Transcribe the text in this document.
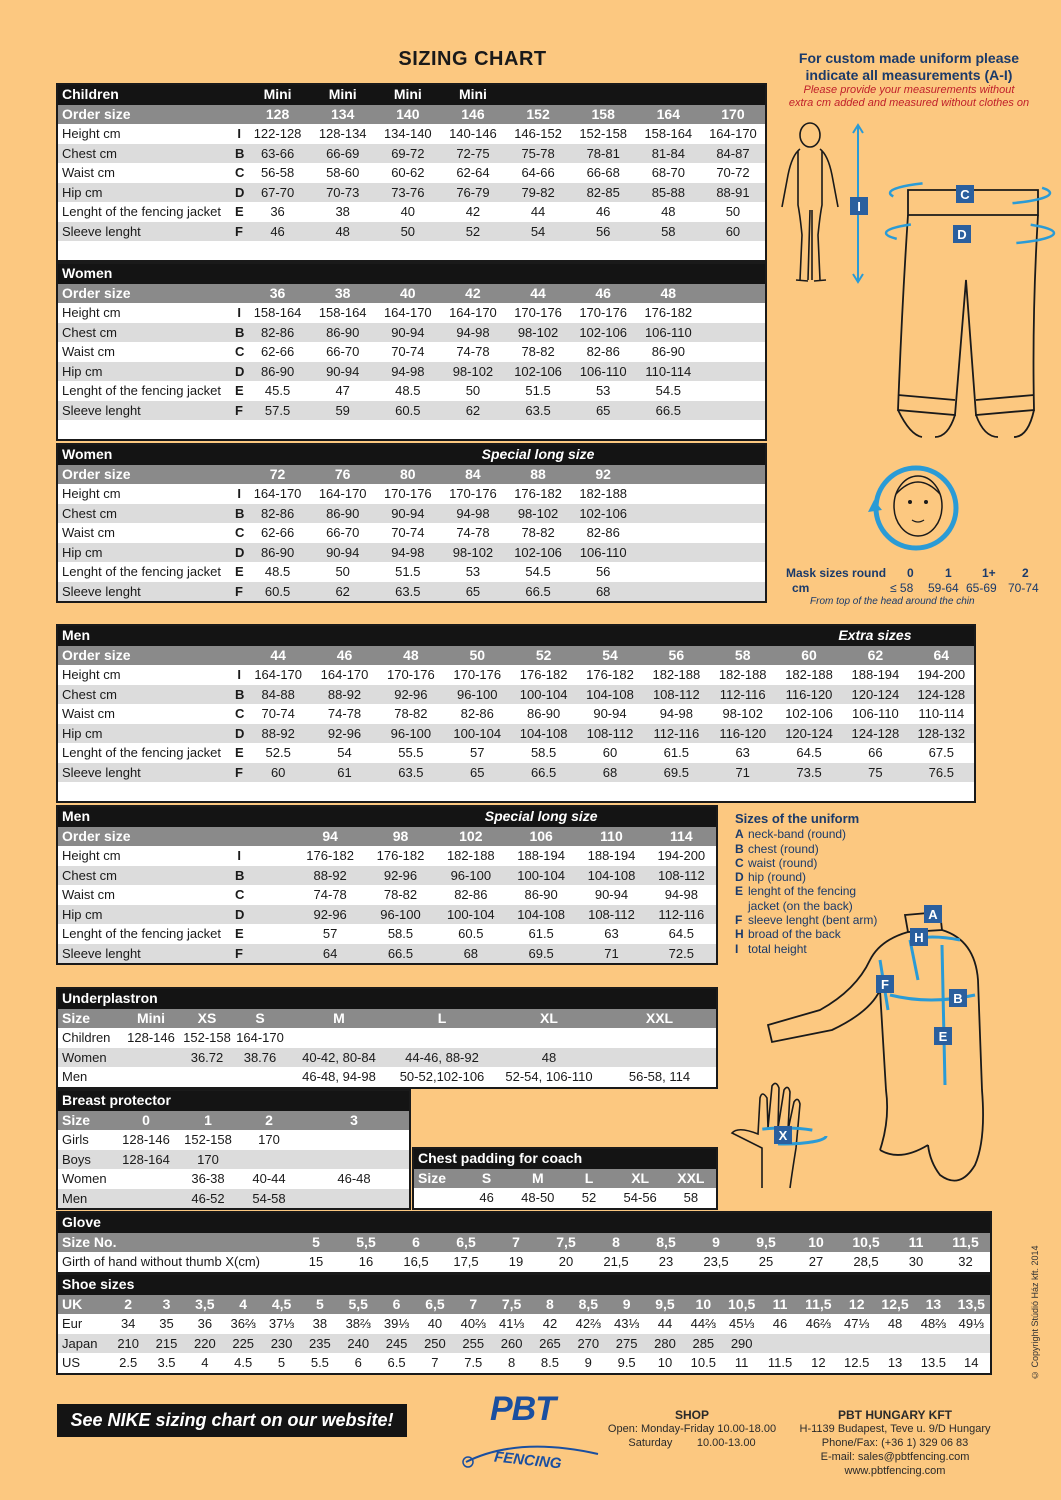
SIZING CHART
Children		Mini	Mini	Mini	Mini				
Order size		128	134	140	146	152	158	164	170
Height cm	I	122-128	128-134	134-140	140-146	146-152	152-158	158-164	164-170
Chest cm	B	63-66	66-69	69-72	72-75	75-78	78-81	81-84	84-87
Waist cm	C	56-58	58-60	60-62	62-64	64-66	66-68	68-70	70-72
Hip cm	D	67-70	70-73	73-76	76-79	79-82	82-85	85-88	88-91
Lenght of the fencing jacket	E	36	38	40	42	44	46	48	50
Sleeve lenght	F	46	48	50	52	54	56	58	60

Women									
Order size		36	38	40	42	44	46	48	
Height cm	I	158-164	158-164	164-170	164-170	170-176	170-176	176-182	
Chest cm	B	82-86	86-90	90-94	94-98	98-102	102-106	106-110	
Waist cm	C	62-66	66-70	70-74	74-78	78-82	82-86	86-90	
Hip cm	D	86-90	90-94	94-98	98-102	102-106	106-110	110-114	
Lenght of the fencing jacket	E	45.5	47	48.5	50	51.5	53	54.5	
Sleeve lenght	F	57.5	59	60.5	62	63.5	65	66.5	

Women					Special long size				
Order size		72	76	80	84	88	92		
Height cm	I	164-170	164-170	170-176	170-176	176-182	182-188		
Chest cm	B	82-86	86-90	90-94	94-98	98-102	102-106		
Waist cm	C	62-66	66-70	70-74	74-78	78-82	82-86		
Hip cm	D	86-90	90-94	94-98	98-102	102-106	106-110		
Lenght of the fencing jacket	E	48.5	50	51.5	53	54.5	56		
Sleeve lenght	F	60.5	62	63.5	65	66.5	68		
Men										Extra sizes		
Order size		44	46	48	50	52	54	56	58	60	62	64
Height cm	I	164-170	164-170	170-176	170-176	176-182	176-182	182-188	182-188	182-188	188-194	194-200
Chest cm	B	84-88	88-92	92-96	96-100	100-104	104-108	108-112	112-116	116-120	120-124	124-128
Waist cm	C	70-74	74-78	78-82	82-86	86-90	90-94	94-98	98-102	102-106	106-110	110-114
Hip cm	D	88-92	92-96	96-100	100-104	104-108	108-112	112-116	116-120	120-124	124-128	128-132
Lenght of the fencing jacket	E	52.5	54	55.5	57	58.5	60	61.5	63	64.5	66	67.5
Sleeve lenght	F	60	61	63.5	65	66.5	68	69.5	71	73.5	75	76.5

Men					Special long size			
Order size			94	98	102	106	110	114
Height cm	I		176-182	176-182	182-188	188-194	188-194	194-200
Chest cm	B		88-92	92-96	96-100	100-104	104-108	108-112
Waist cm	C		74-78	78-82	82-86	86-90	90-94	94-98
Hip cm	D		92-96	96-100	100-104	104-108	108-112	112-116
Lenght of the fencing jacket	E		57	58.5	60.5	61.5	63	64.5
Sleeve lenght	F		64	66.5	68	69.5	71	72.5
Underplastron							
Size	Mini	XS	S	M	L	XL	XXL
Children	128-146	152-158	164-170				
Women		36.72	38.76	40-42, 80-84	44-46, 88-92	48	
Men				46-48, 94-98	50-52,102-106	52-54, 106-110	56-58, 114
Breast protector				
Size	0	1	2	3
Girls	128-146	152-158	170	
Boys	128-164	170		
Women		36-38	40-44	46-48
Men		46-52	54-58	
Chest padding for coach					
Size	S	M	L	XL	XXL
	46	48-50	52	54-56	58
Glove														
Size No.	5	5,5	6	6,5	7	7,5	8	8,5	9	9,5	10	10,5	11	11,5
Girth of hand without thumb X(cm)	15	16	16,5	17,5	19	20	21,5	23	23,5	25	27	28,5	30	32
Shoe sizes																							
UK	2	3	3,5	4	4,5	5	5,5	6	6,5	7	7,5	8	8,5	9	9,5	10	10,5	11	11,5	12	12,5	13	13,5
Eur	34	35	36	36⅔	37⅓	38	38⅔	39⅓	40	40⅔	41⅓	42	42⅔	43⅓	44	44⅔	45⅓	46	46⅔	47⅓	48	48⅔	49⅓
Japan	210	215	220	225	230	235	240	245	250	255	260	265	270	275	280	285	290						
US	2.5	3.5	4	4.5	5	5.5	6	6.5	7	7.5	8	8.5	9	9.5	10	10.5	11	11.5	12	12.5	13	13.5	14
For custom made uniform please
indicate all measurements (A-I)
Please provide your measurements without
extra cm added and measured without clothes on
I
C
D
Mask sizes round 0	1	1+ 2
cm	≤ 58 59-64 65-69 70-74
From top of the head around the chin
Sizes of the uniform
A neck-band (round)
B chest (round)
C waist (round)
D hip (round)
E lenght of the fencing
jacket (on the back)
F sleeve lenght (bent arm)
H broad of the back
I total height
A
H
F
B
E
X
See NIKE sizing chart on our website!	PBT
FENCING
SHOP
Open: Monday-Friday 10.00-18.00
Saturday        10.00-13.00
PBT HUNGARY KFT
H-1139 Budapest, Teve u. 9/D Hungary
Phone/Fax: (+36 1) 329 06 83
E-mail: sales@pbtfencing.com
www.pbtfencing.com
© Copyright Stúdió Ház kft. 2014
